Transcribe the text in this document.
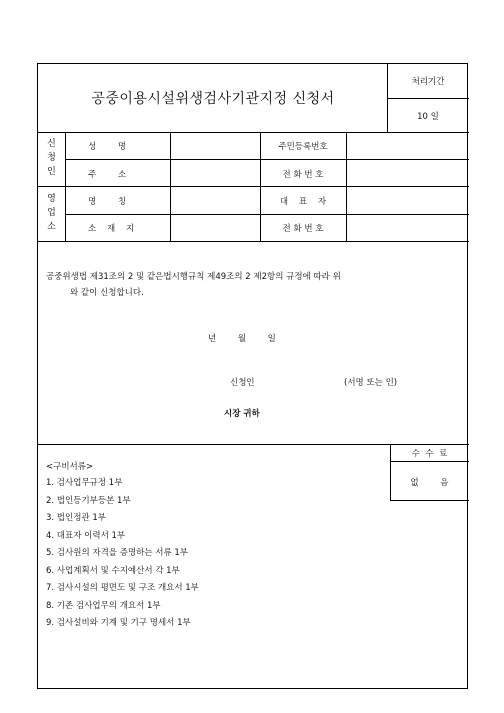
공중이용시설위생검사기관지정 신청서
처리기간
10 일
신
청
인
성        명	주민등록번호
주        소	전 화 번 호
영
업
소
명        칭	대    표    자
소    재    지	전 화 번 호
공중위생법 제31조의 2 및 같은법시행규칙 제49조의 2 제2항의 규정에 따라 위
와 같이 신청합니다.
년        월        일
신청인	(서명 또는 인)
시장 귀하
수  수  료
없        음
<구비서류>
1. 검사업무규정 1부
2. 법인등기부등본 1부
3. 법인정관 1부
4. 대표자 이력서 1부
5. 검사원의 자격을 증명하는 서류 1부
6. 사업계획서 및 수지예산서 각 1부
7. 검사시설의 평면도 및 구조 개요서 1부
8. 기존 검사업무의 개요서 1부
9. 검사설비와 기계 및 기구 명세서 1부
